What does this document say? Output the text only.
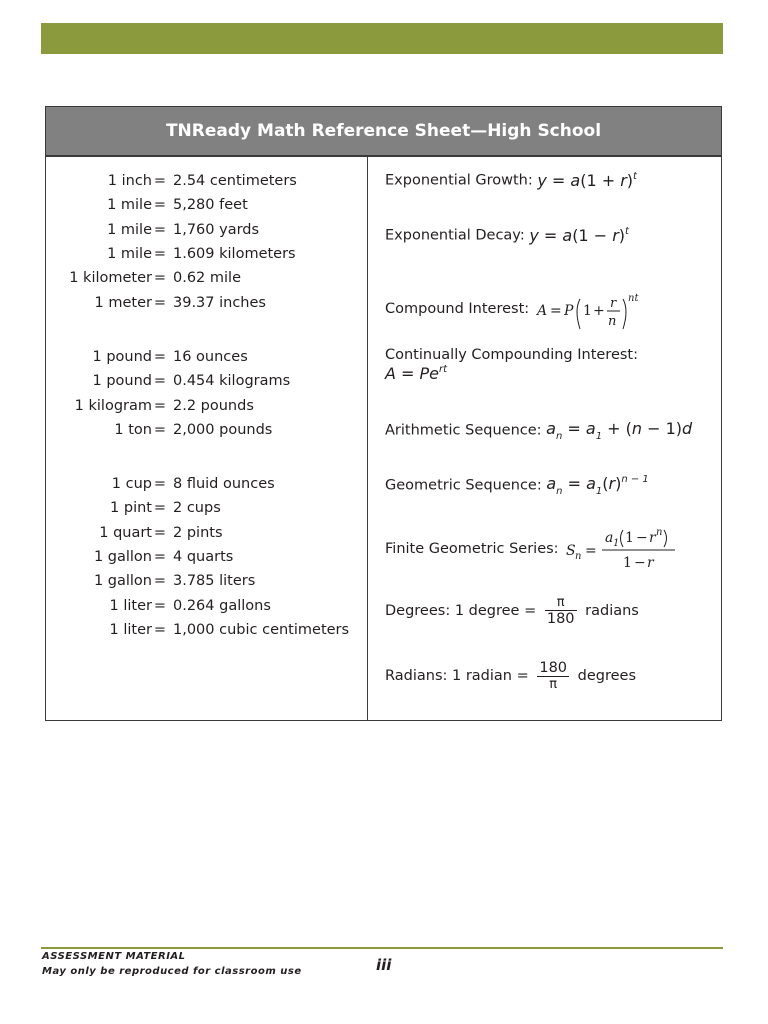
TNReady Math Reference Sheet—High School
1 inch = 2.54 centimeters
1 mile = 5,280 feet
1 mile = 1,760 yards
1 mile = 1.609 kilometers
1 kilometer = 0.62 mile
1 meter = 39.37 inches
1 pound = 16 ounces
1 pound = 0.454 kilograms
1 kilogram = 2.2 pounds
1 ton = 2,000 pounds
1 cup = 8 fluid ounces
1 pint = 2 cups
1 quart = 2 pints
1 gallon = 4 quarts
1 gallon = 3.785 liters
1 liter = 0.264 gallons
1 liter = 1,000 cubic centimeters
Exponential Growth: $y = a(1 + r)^t$
Exponential Decay: $y = a(1 - r)^t$
Compound Interest: A = P 1 + r
n
nt
Continually Compounding Interest:
$A = Pe^{rt}$
Arithmetic Sequence: $a_n = a_1 + (n - 1)d$
Geometric Sequence: $a_n = a_1(r)^{n - 1}$
Finite Geometric Series: S n =
a 1 1 − r n
1 − r
Degrees: 1 degree = $\frac{\pi}{180}$ radians
Radians: 1 radian = $\frac{180}{\pi}$ degrees
ASSESSMENT MATERIAL
May only be reproduced for classroom use	iii
